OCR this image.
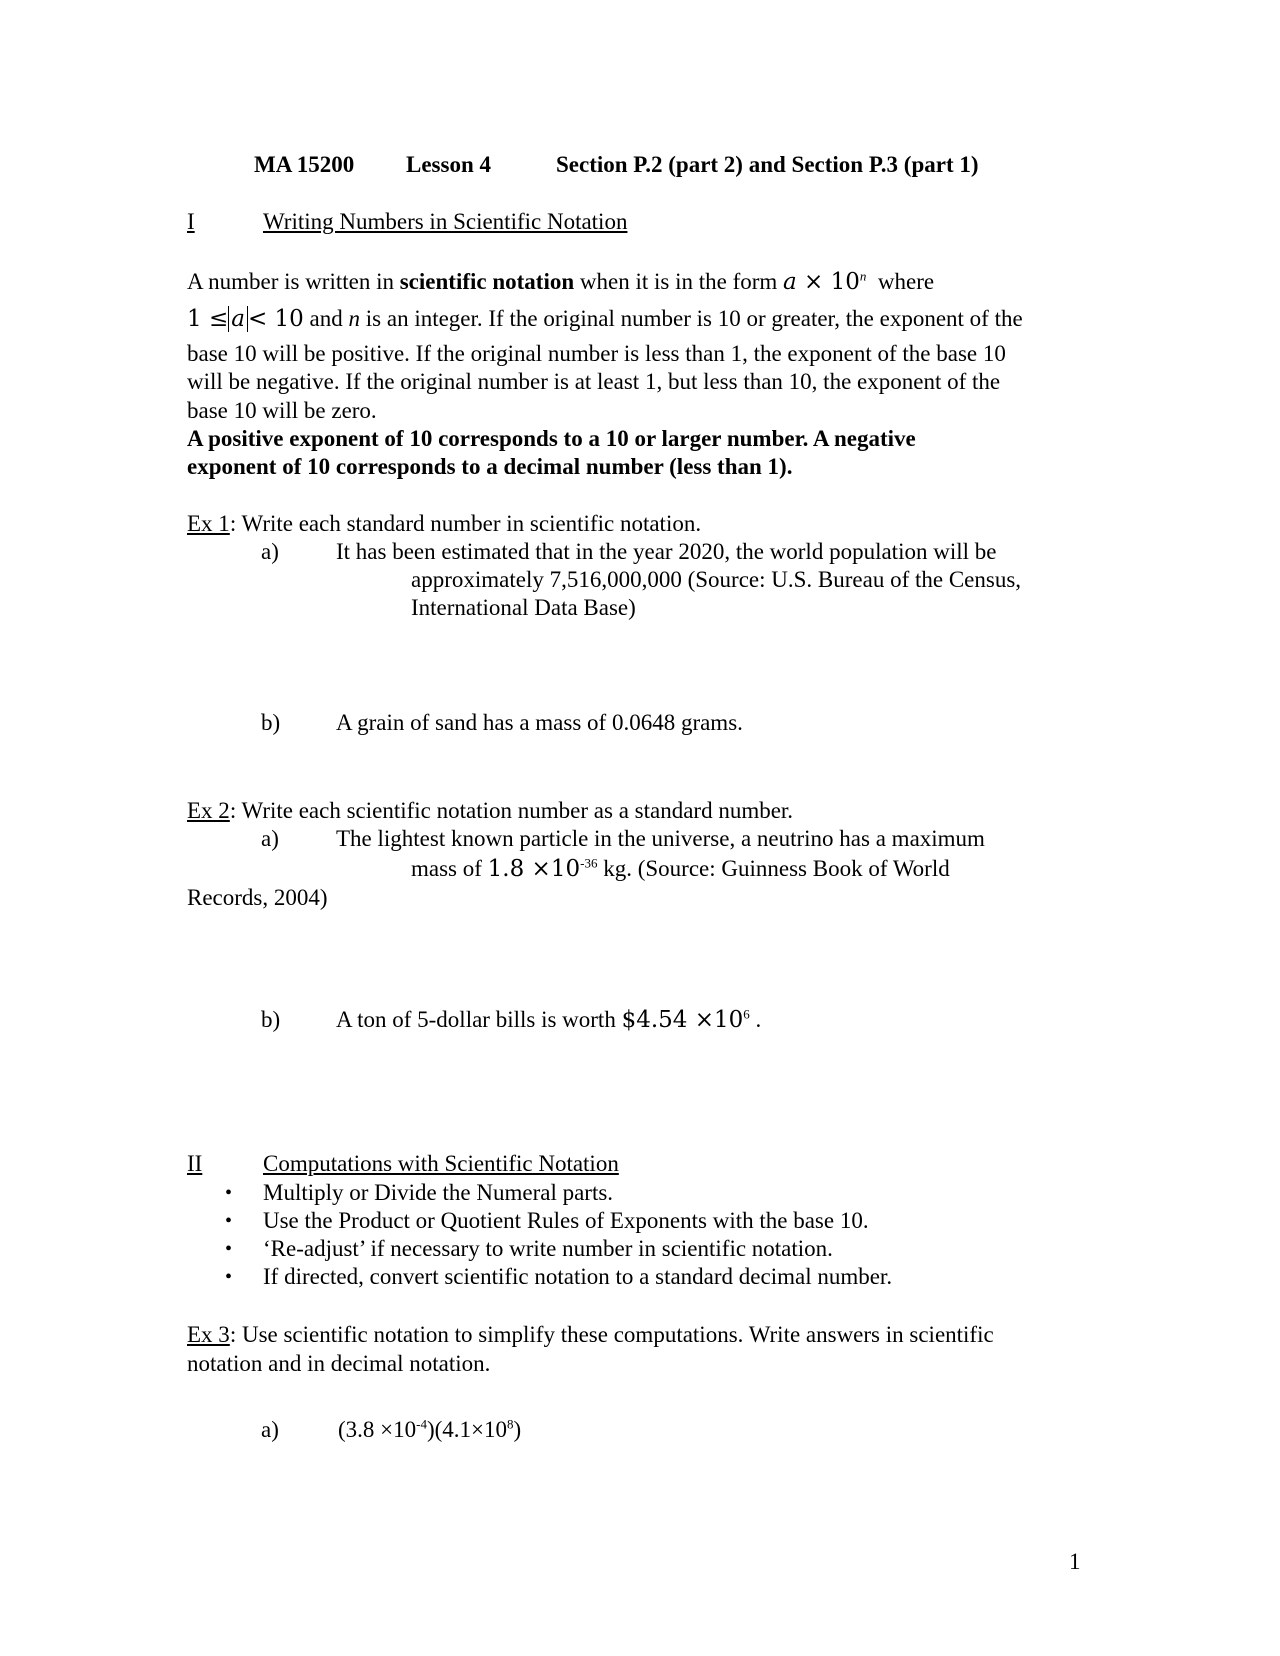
MA 15200 Lesson 4	Section P.2 (part 2) and Section P.3 (part 1)
I	Writing Numbers in Scientific Notation
A number is written in scientific notation when it is in the form $a \times 10^n$ where
1 ≤ a < 10 and n is an integer. If the original number is 10 or greater, the exponent of the
base 10 will be positive. If the original number is less than 1, the exponent of the base 10
will be negative. If the original number is at least 1, but less than 10, the exponent of the
base 10 will be zero.
A positive exponent of 10 corresponds to a 10 or larger number. A negative
exponent of 10 corresponds to a decimal number (less than 1).
Ex 1: Write each standard number in scientific notation.
a) It has been estimated that in the year 2020, the world population will be
approximately 7,516,000,000 (Source: U.S. Bureau of the Census,
International Data Base)
b) A grain of sand has a mass of 0.0648 grams.
Ex 2: Write each scientific notation number as a standard number.
a) The lightest known particle in the universe, a neutrino has a maximum
mass of $1.8 \times 10^{-36}$ kg. (Source: Guinness Book of World
Records, 2004)
b) A ton of 5-dollar bills is worth $4.54 $\times 10^6$ .
II	Computations with Scientific Notation
• Multiply or Divide the Numeral parts.
• Use the Product or Quotient Rules of Exponents with the base 10.
• ‘Re-adjust’ if necessary to write number in scientific notation.
• If directed, convert scientific notation to a standard decimal number.
Ex 3: Use scientific notation to simplify these computations. Write answers in scientific
notation and in decimal notation.
a)	$(3.8 \times 10^{-4})(4.1\times 10^8)$
1
